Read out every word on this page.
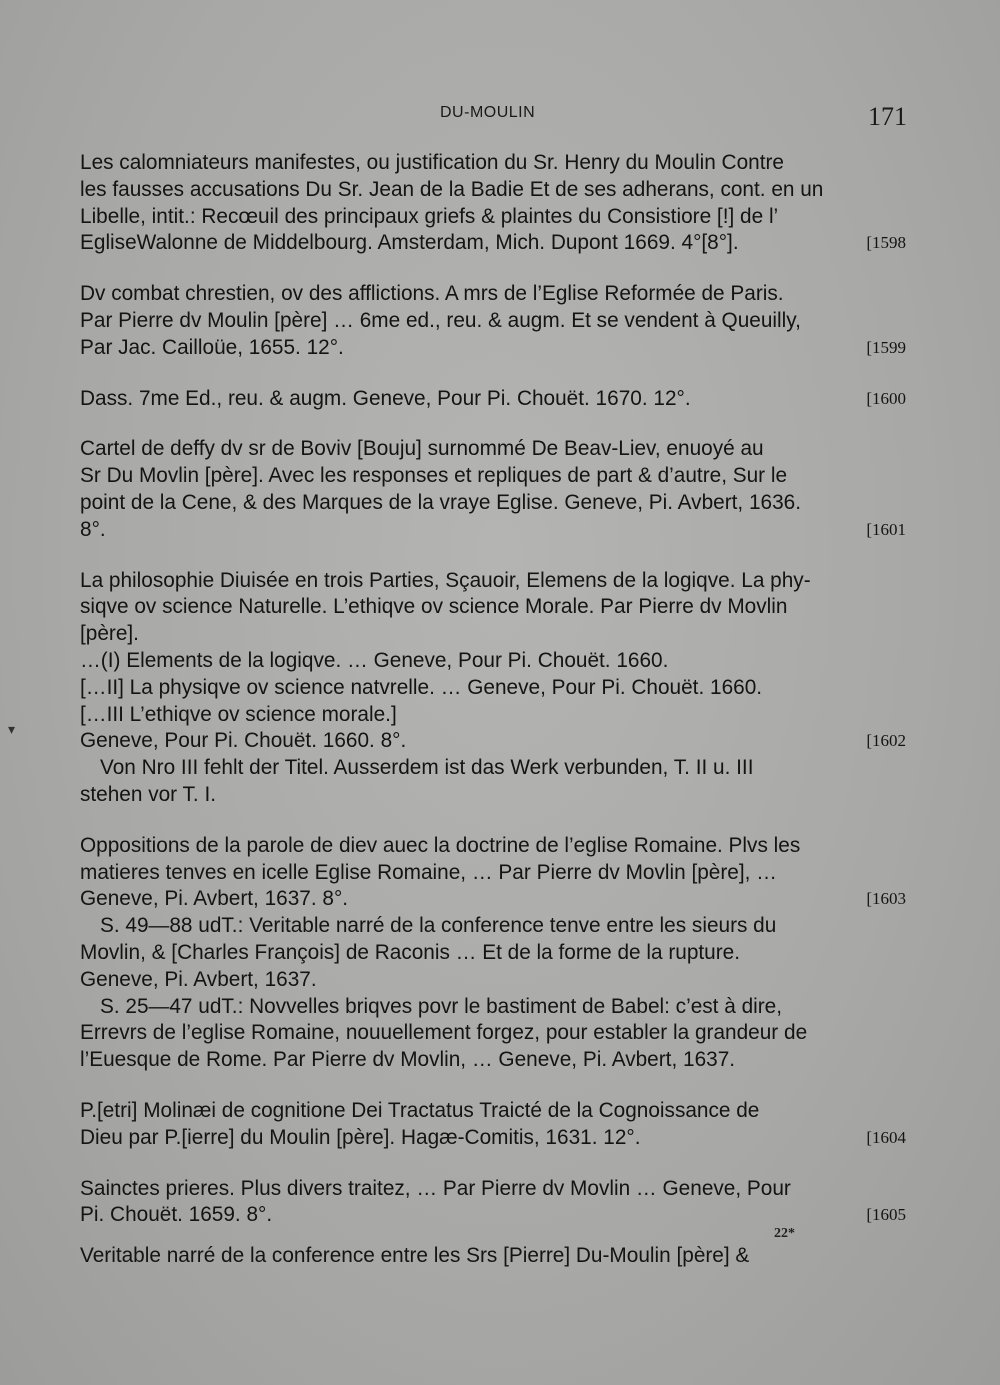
DU-MOULIN	171
▾
Les calomniateurs manifestes, ou justification du Sr. Henry du Moulin Contre
les fausses accusations Du Sr. Jean de la Badie Et de ses adherans, cont. en un
Libelle, intit.: Recœuil des principaux griefs & plaintes du Consistiore [!] de l’
EgliseWalonne de Middelbourg. Amsterdam, Mich. Dupont 1669. 4°[8°].	[1598
Dv combat chrestien, ov des afflictions. A mrs de l’Eglise Reformée de Paris.
Par Pierre dv Moulin [père] … 6me ed., reu. & augm. Et se vendent à Queuilly,
Par Jac. Cailloüe, 1655. 12°.	[1599
Dass. 7me Ed., reu. & augm. Geneve, Pour Pi. Chouët. 1670. 12°.	[1600
Cartel de deffy dv sr de Boviv [Bouju] surnommé De Beav-Liev, enuoyé au
Sr Du Movlin [père]. Avec les responses et repliques de part & d’autre, Sur le
point de la Cene, & des Marques de la vraye Eglise. Geneve, Pi. Avbert, 1636.
8°.	[1601
La philosophie Diuisée en trois Parties, Sçauoir, Elemens de la logiqve. La phy-
siqve ov science Naturelle. L’ethiqve ov science Morale. Par Pierre dv Movlin
[père].
…(I) Elements de la logiqve. … Geneve, Pour Pi. Chouët. 1660.
[…II] La physiqve ov science natvrelle. … Geneve, Pour Pi. Chouët. 1660.
[…III L’ethiqve ov science morale.]
Geneve, Pour Pi. Chouët. 1660. 8°.	[1602
Von Nro III fehlt der Titel. Ausserdem ist das Werk verbunden, T. II u. III
stehen vor T. I.
Oppositions de la parole de diev auec la doctrine de l’eglise Romaine. Plvs les
matieres tenves en icelle Eglise Romaine, … Par Pierre dv Movlin [père], …
Geneve, Pi. Avbert, 1637. 8°.	[1603
S. 49—88 udT.: Veritable narré de la conference tenve entre les sieurs du
Movlin, & [Charles François] de Raconis … Et de la forme de la rupture.
Geneve, Pi. Avbert, 1637.
S. 25—47 udT.: Novvelles briqves povr le bastiment de Babel: c’est à dire,
Errevrs de l’eglise Romaine, nouuellement forgez, pour establer la grandeur de
l’Euesque de Rome. Par Pierre dv Movlin, … Geneve, Pi. Avbert, 1637.
P.[etri] Molinæi de cognitione Dei Tractatus Traicté de la Cognoissance de
Dieu par P.[ierre] du Moulin [père]. Hagæ-Comitis, 1631. 12°.	[1604
Sainctes prieres. Plus divers traitez, … Par Pierre dv Movlin … Geneve, Pour
Pi. Chouët. 1659. 8°.	[1605
Veritable narré de la conference entre les Srs [Pierre] Du-Moulin [père] &
22*
